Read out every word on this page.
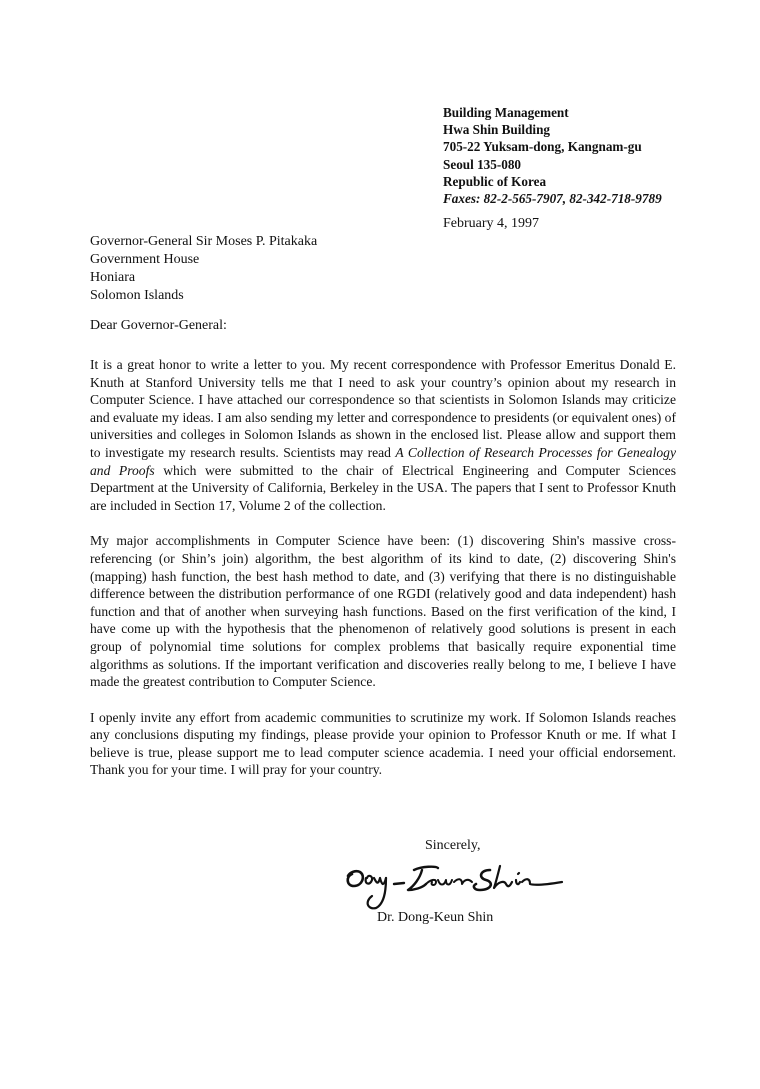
Building Management
Hwa Shin Building
705-22 Yuksam-dong, Kangnam-gu
Seoul 135-080
Republic of Korea
Faxes: 82-2-565-7907, 82-342-718-9789
February 4, 1997
Governor-General Sir Moses P. Pitakaka
Government House
Honiara
Solomon Islands
Dear Governor-General:

It is a great honor to write a letter to you. My recent correspondence with Professor Emeritus Donald E. Knuth at Stanford University tells me that I need to ask your country’s opinion about my research in Computer Science. I have attached our correspondence so that scientists in Solomon Islands may criticize and evaluate my ideas. I am also sending my letter and correspondence to presidents (or equivalent ones) of universities and colleges in Solomon Islands as shown in the enclosed list. Please allow and support them to investigate my research results. Scientists may read A Collection of Research Processes for Genealogy and Proofs which were submitted to the chair of Electrical Engineering and Computer Sciences Department at the University of California, Berkeley in the USA. The papers that I sent to Professor Knuth are included in Section 17, Volume 2 of the collection.

My major accomplishments in Computer Science have been: (1) discovering Shin's massive cross-referencing (or Shin’s join) algorithm, the best algorithm of its kind to date, (2) discovering Shin's (mapping) hash function, the best hash method to date, and (3) verifying that there is no distinguishable difference between the distribution performance of one RGDI (relatively good and data independent) hash function and that of another when surveying hash functions. Based on the first verification of the kind, I have come up with the hypothesis that the phenomenon of relatively good solutions is present in each group of polynomial time solutions for complex problems that basically require exponential time algorithms as solutions. If the important verification and discoveries really belong to me, I believe I have made the greatest contribution to Computer Science.

I openly invite any effort from academic communities to scrutinize my work. If Solomon Islands reaches any conclusions disputing my findings, please provide your opinion to Professor Knuth or me. If what I believe is true, please support me to lead computer science academia. I need your official endorsement. Thank you for your time. I will pray for your country.

Sincerely,
Dr. Dong-Keun Shin
